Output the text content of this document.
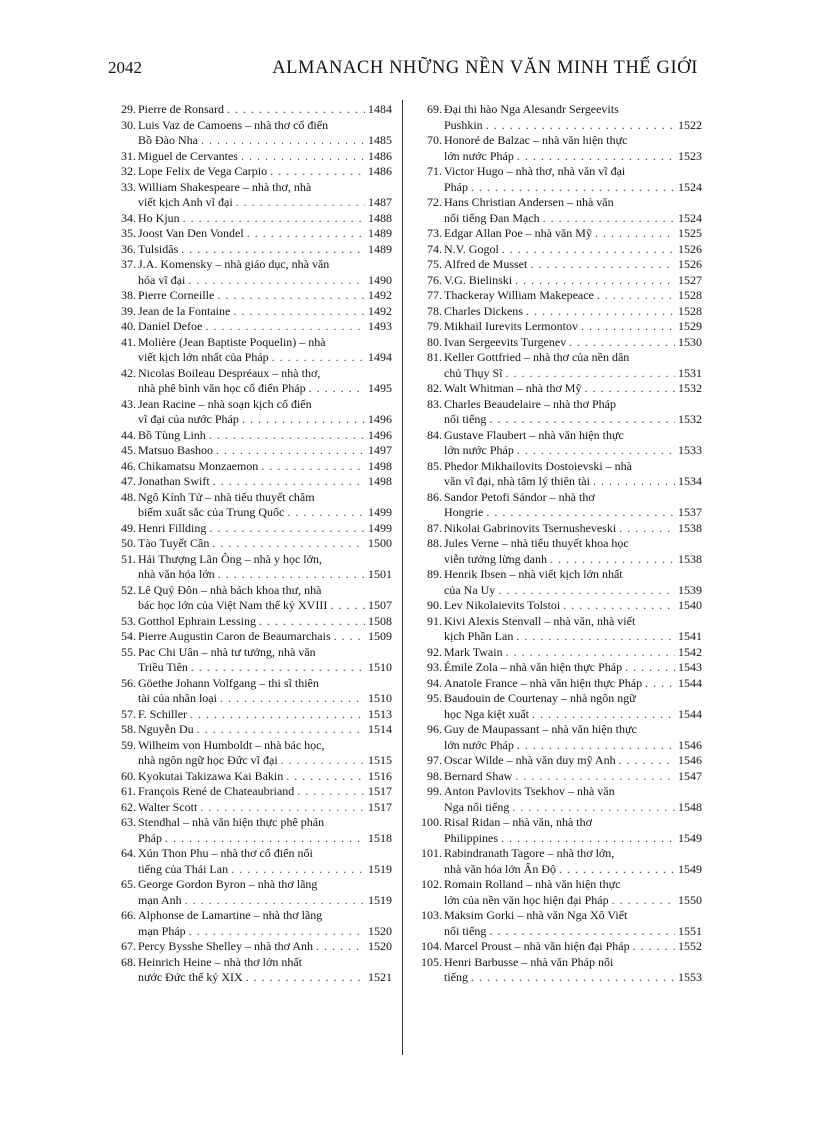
2042	ALMANACH NHỮNG NỀN VĂN MINH THẾ GIỚI
29. Pierre de Ronsard . . .	1484
30. Luis Vaz de Camoens – nhà thơ cổ điển
Bồ Đào Nha . . .	1485
31. Miguel de Cervantes . . .	1486
32. Lope Felix de Vega Carpio . . .	1486
33. William Shakespeare – nhà thơ, nhà
viết kịch Anh vĩ đại . . .	1487
34. Ho Kjun . . .	1488
35. Joost Van Den Vondel . . .	1489
36. Tulsidâs . . .	1489
37. J.A. Komensky – nhà giáo dục, nhà văn
hóa vĩ đại . . .	1490
38. Pierre Corneille . . .	1492
39. Jean de la Fontaine . . .	1492
40. Daniel Defoe . . .	1493
41. Molière (Jean Baptiste Poquelin) – nhà
viết kịch lớn nhất của Pháp . . .	1494
42. Nicolas Boileau Despréaux – nhà thơ,
nhà phê bình văn học cổ điển Pháp . . .	1495
43. Jean Racine – nhà soạn kịch cổ điển
vĩ đại của nước Pháp . . .	1496
44. Bồ Tùng Linh . . .	1496
45. Matsuo Bashoo . . .	1497
46. Chikamatsu Monzaemon . . .	1498
47. Jonathan Swift . . .	1498
48. Ngô Kính Tử – nhà tiểu thuyết châm
biếm xuất sắc của Trung Quốc . . .	1499
49. Henri Fillding . . .	1499
50. Tào Tuyết Cần . . .	1500
51. Hải Thượng Lãn Ông – nhà y học lớn,
nhà văn hóa lớn . . .	1501
52. Lê Quý Đôn – nhà bách khoa thư, nhà
bác học lớn của Việt Nam thế kỷ XVIII . . .	1507
53. Gotthol Ephrain Lessing . . .	1508
54. Pierre Augustin Caron de Beaumarchais . . .	1509
55. Pac Chi Uân – nhà tư tưởng, nhà văn
Triều Tiên . . .	1510
56. Göethe Johann Volfgang – thi sĩ thiên
tài của nhân loại . . .	1510
57. F. Schiller . . .	1513
58. Nguyễn Du . . .	1514
59. Wilheim von Humboldt – nhà bác học,
nhà ngôn ngữ học Đức vĩ đại . . .	1515
60. Kyokutai Takizawa Kai Bakin . . .	1516
61. François René de Chateaubriand . . .	1517
62. Walter Scott . . .	1517
63. Stendhal – nhà văn hiện thực phê phán
Pháp . . .	1518
64. Xún Thon Phu – nhà thơ cổ điển nổi
tiếng của Thái Lan . . .	1519
65. George Gordon Byron – nhà thơ lãng
mạn Anh . . .	1519
66. Alphonse de Lamartine – nhà thơ lãng
mạn Pháp . . .	1520
67. Percy Bysshe Shelley – nhà thơ Anh . . .	1520
68. Heinrich Heine – nhà thơ lớn nhất
nước Đức thế kỷ XIX . . .	1521
69. Đại thi hào Nga Alesandr Sergeevits
Pushkin . . .	1522
70. Honoré de Balzac – nhà văn hiện thực
lớn nước Pháp . . .	1523
71. Victor Hugo – nhà thơ, nhà văn vĩ đại
Pháp . . .	1524
72. Hans Christian Andersen – nhà văn
nổi tiếng Đan Mạch . . .	1524
73. Edgar Allan Poe – nhà văn Mỹ . . .	1525
74. N.V. Gogol . . .	1526
75. Alfred de Musset . . .	1526
76. V.G. Bielinski . . .	1527
77. Thackeray William Makepeace . . .	1528
78. Charles Dickens . . .	1528
79. Mikhail Iurevits Lermontov . . .	1529
80. Ivan Sergeevits Turgenev . . .	1530
81. Keller Gottfried – nhà thơ của nền dân
chủ Thụy Sĩ . . .	1531
82. Walt Whitman – nhà thơ Mỹ . . .	1532
83. Charles Beaudelaire – nhà thơ Pháp
nổi tiếng . . .	1532
84. Gustave Flaubert – nhà văn hiện thực
lớn nước Pháp . . .	1533
85. Phedor Mikhailovits Dostoievski – nhà
văn vĩ đại, nhà tâm lý thiên tài . . .	1534
86. Sandor Petofi Sándor – nhà thơ
Hongrie . . .	1537
87. Nikolai Gabrinovits Tsernusheveski . . .	1538
88. Jules Verne – nhà tiểu thuyết khoa học
viễn tưởng lừng danh . . .	1538
89. Henrik Ibsen – nhà viết kịch lớn nhất
của Na Uy . . .	1539
90. Lev Nikolaievits Tolstoi . . .	1540
91. Kivi Alexis Stenvall – nhà văn, nhà viết
kịch Phần Lan . . .	1541
92. Mark Twain . . .	1542
93. Émile Zola – nhà văn hiện thực Pháp . . .	1543
94. Anatole France – nhà văn hiện thực Pháp . . .	1544
95. Baudouin de Courtenay – nhà ngôn ngữ
học Nga kiệt xuất . . .	1544
96. Guy de Maupassant – nhà văn hiện thực
lớn nước Pháp . . .	1546
97. Oscar Wilde – nhà văn duy mỹ Anh . . .	1546
98. Bernard Shaw . . .	1547
99. Anton Pavlovits Tsekhov – nhà văn
Nga nổi tiếng . . .	1548
100. Risal Ridan – nhà văn, nhà thơ
Philippines . . .	1549
101. Rabindranath Tagore – nhà thơ lớn,
nhà văn hóa lớn Ấn Độ . . .	1549
102. Romain Rolland – nhà văn hiện thực
lớn của nền văn học hiện đại Pháp . . .	1550
103. Maksim Gorki – nhà văn Nga Xô Viết
nổi tiếng . . .	1551
104. Marcel Proust – nhà văn hiện đại Pháp . . .	1552
105. Henri Barbusse – nhà văn Pháp nổi
tiếng . . .	1553
